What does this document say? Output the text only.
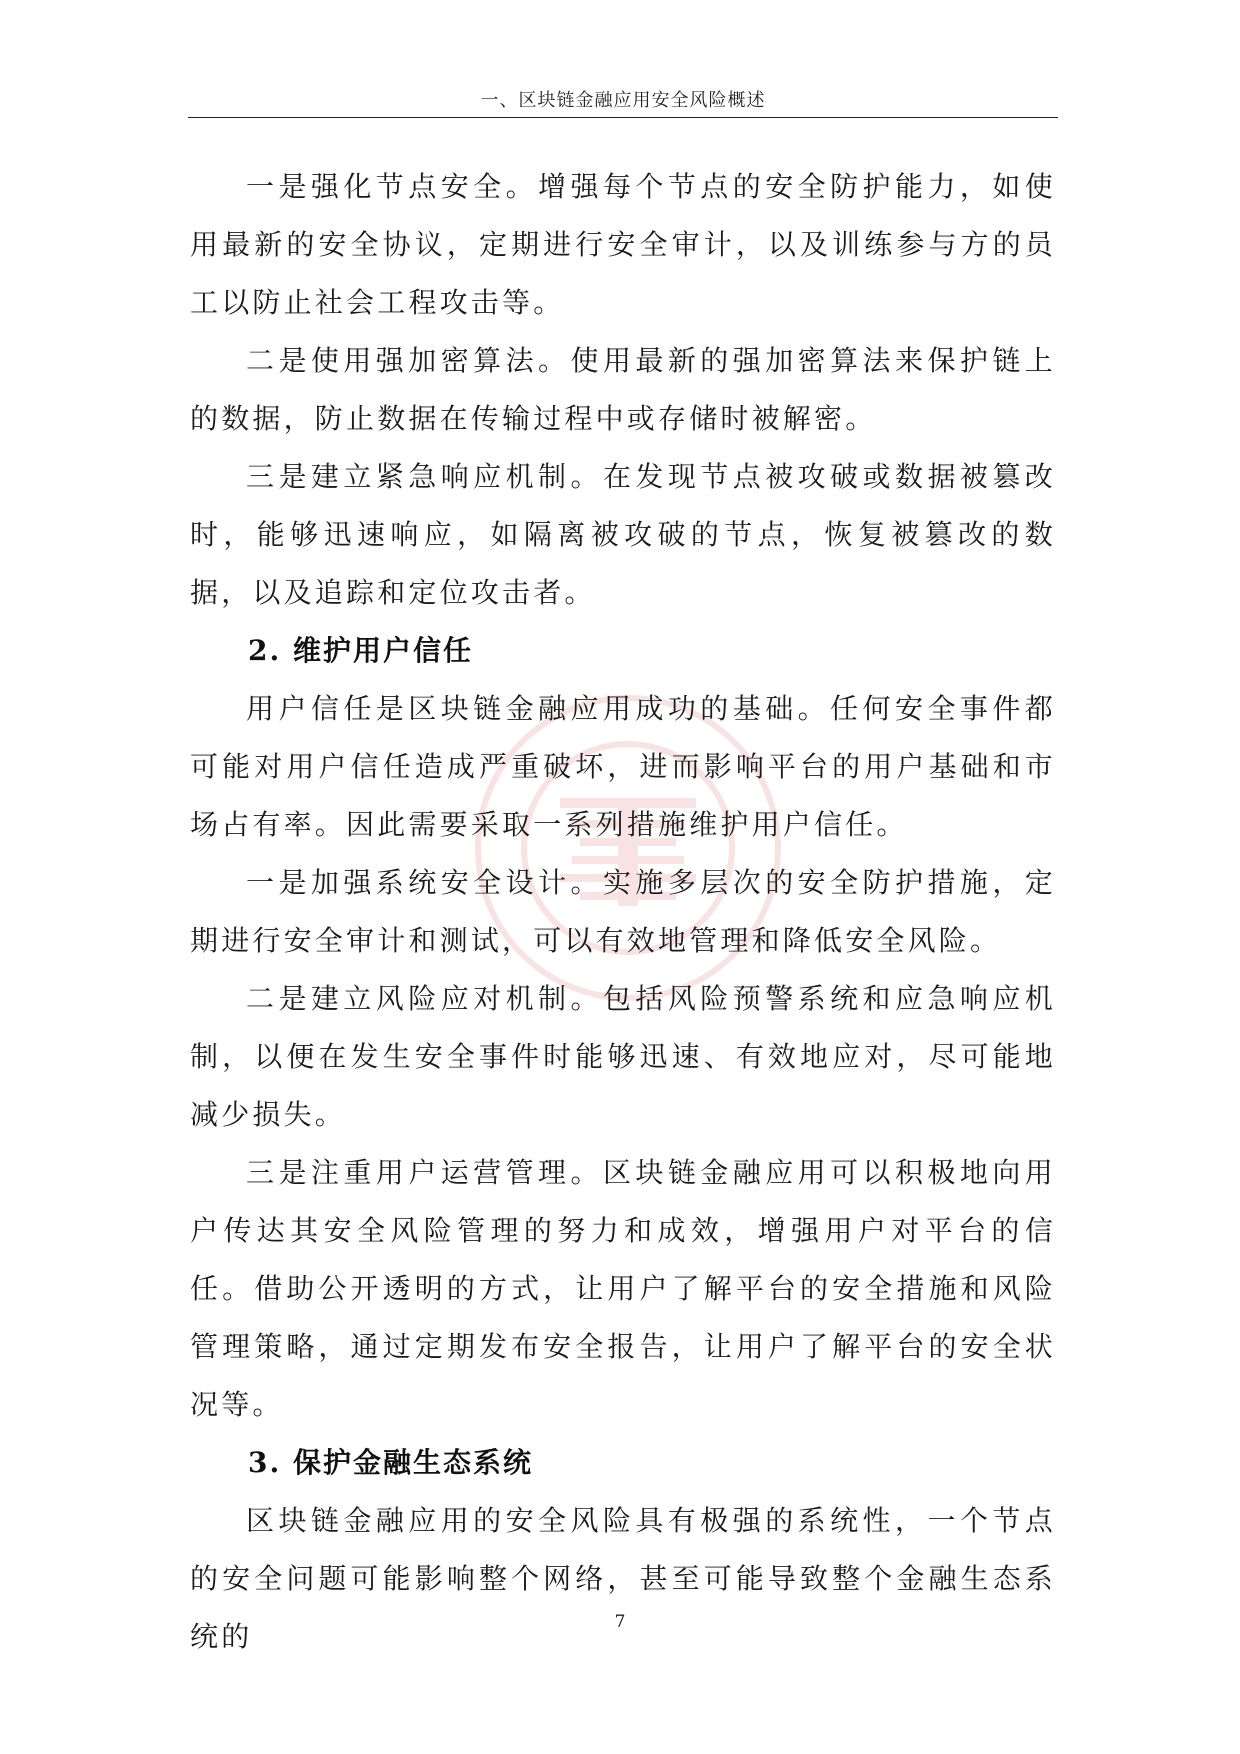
一、区块链金融应用安全风险概述

一是强化节点安全。增强每个节点的安全防护能力，如使用最新的安全协议，定期进行安全审计，以及训练参与方的员工以防止社会工程攻击等。

二是使用强加密算法。使用最新的强加密算法来保护链上的数据，防止数据在传输过程中或存储时被解密。

三是建立紧急响应机制。在发现节点被攻破或数据被篡改时，能够迅速响应，如隔离被攻破的节点，恢复被篡改的数据，以及追踪和定位攻击者。

2. 维护用户信任

用户信任是区块链金融应用成功的基础。任何安全事件都可能对用户信任造成严重破坏，进而影响平台的用户基础和市场占有率。因此需要采取一系列措施维护用户信任。

一是加强系统安全设计。实施多层次的安全防护措施，定期进行安全审计和测试，可以有效地管理和降低安全风险。

二是建立风险应对机制。包括风险预警系统和应急响应机制，以便在发生安全事件时能够迅速、有效地应对，尽可能地减少损失。

三是注重用户运营管理。区块链金融应用可以积极地向用户传达其安全风险管理的努力和成效，增强用户对平台的信任。借助公开透明的方式，让用户了解平台的安全措施和风险管理策略，通过定期发布安全报告，让用户了解平台的安全状况等。

3. 保护金融生态系统

区块链金融应用的安全风险具有极强的系统性，一个节点的安全问题可能影响整个网络，甚至可能导致整个金融生态系统的	7
